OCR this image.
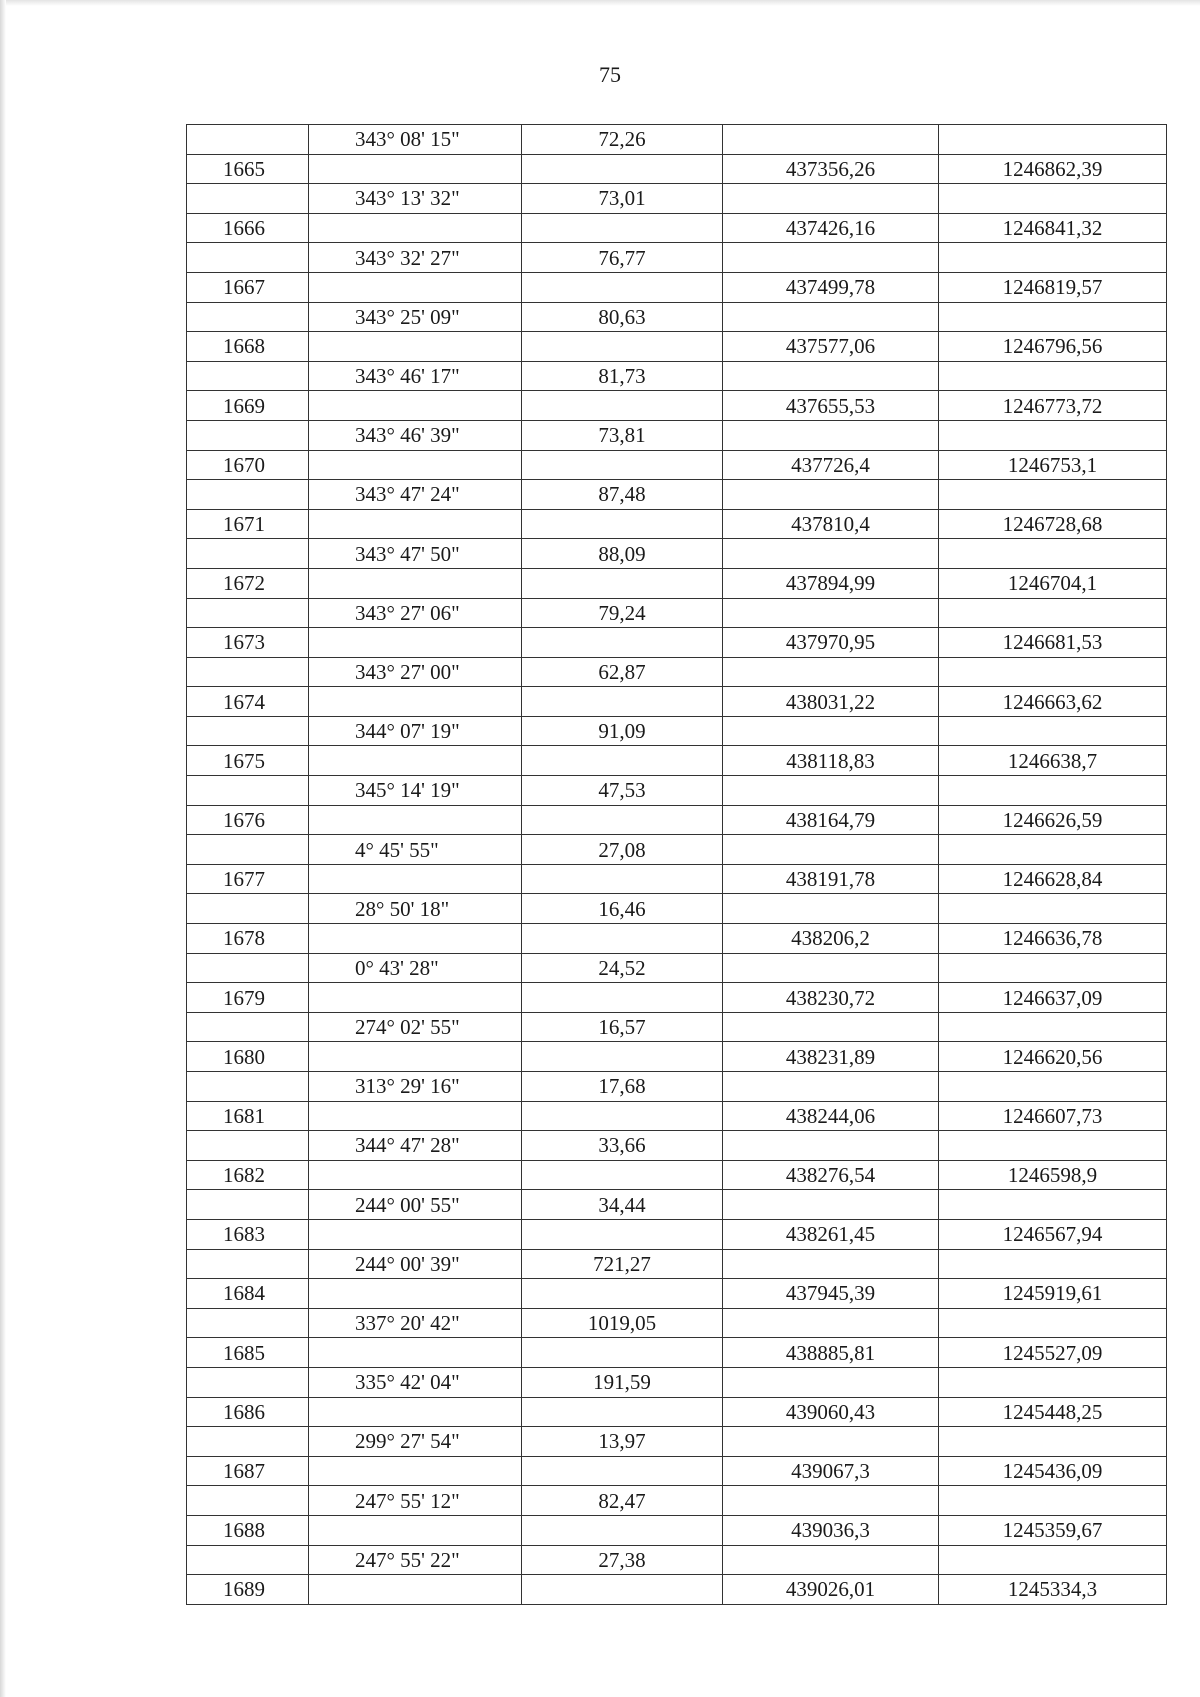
75
	343° 08' 15"	72,26		
1665			437356,26	1246862,39
	343° 13' 32"	73,01		
1666			437426,16	1246841,32
	343° 32' 27"	76,77		
1667			437499,78	1246819,57
	343° 25' 09"	80,63		
1668			437577,06	1246796,56
	343° 46' 17"	81,73		
1669			437655,53	1246773,72
	343° 46' 39"	73,81		
1670			437726,4	1246753,1
	343° 47' 24"	87,48		
1671			437810,4	1246728,68
	343° 47' 50"	88,09		
1672			437894,99	1246704,1
	343° 27' 06"	79,24		
1673			437970,95	1246681,53
	343° 27' 00"	62,87		
1674			438031,22	1246663,62
	344° 07' 19"	91,09		
1675			438118,83	1246638,7
	345° 14' 19"	47,53		
1676			438164,79	1246626,59
	4° 45' 55"	27,08		
1677			438191,78	1246628,84
	28° 50' 18"	16,46		
1678			438206,2	1246636,78
	0° 43' 28"	24,52		
1679			438230,72	1246637,09
	274° 02' 55"	16,57		
1680			438231,89	1246620,56
	313° 29' 16"	17,68		
1681			438244,06	1246607,73
	344° 47' 28"	33,66		
1682			438276,54	1246598,9
	244° 00' 55"	34,44		
1683			438261,45	1246567,94
	244° 00' 39"	721,27		
1684			437945,39	1245919,61
	337° 20' 42"	1019,05		
1685			438885,81	1245527,09
	335° 42' 04"	191,59		
1686			439060,43	1245448,25
	299° 27' 54"	13,97		
1687			439067,3	1245436,09
	247° 55' 12"	82,47		
1688			439036,3	1245359,67
	247° 55' 22"	27,38		
1689			439026,01	1245334,3
